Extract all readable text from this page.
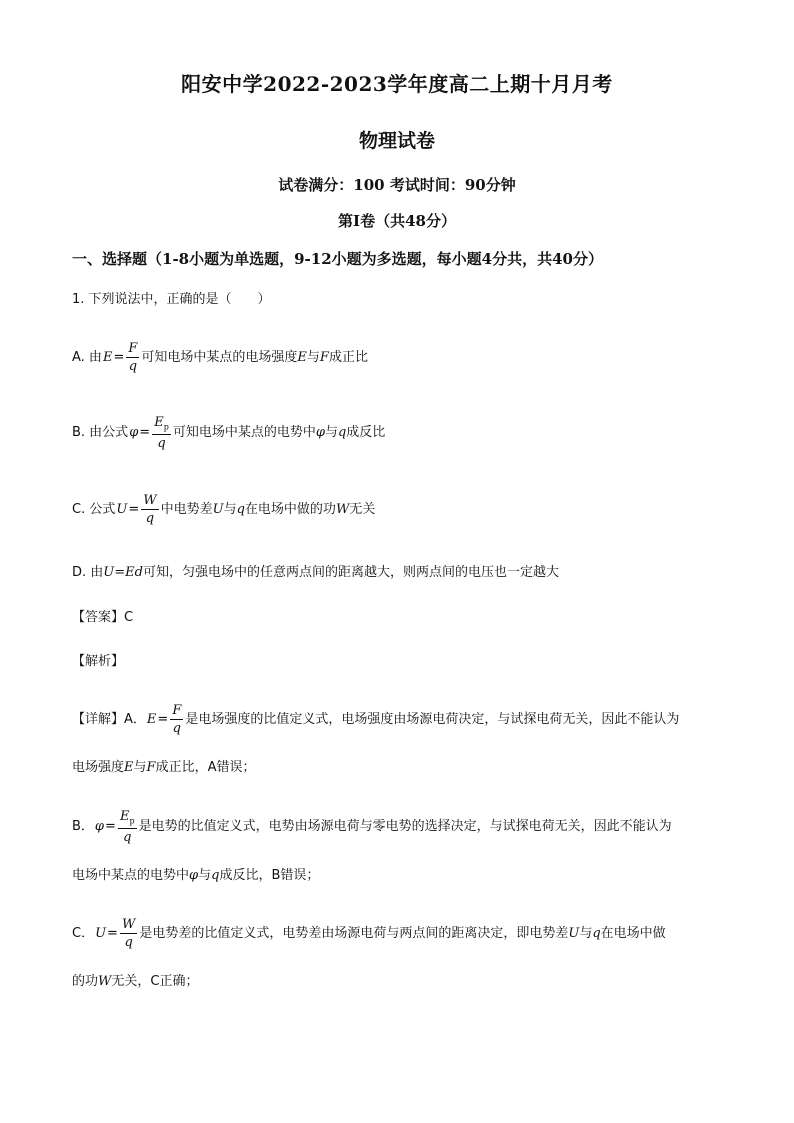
阳安中学2022-2023学年度高二上期十月月考
物理试卷
试卷满分：100 考试时间：90分钟
第I卷（共48分）
一、选择题（1-8小题为单选题，9-12小题为多选题，每小题4分共，共40分）
1. 下列说法中，正确的是（　　）
A. 由 $E = \frac{F}{q}$ 可知电场中某点的电场强度 E 与 F 成正比
B. 由公式 $\varphi = \frac{E_p}{q}$ 可知电场中某点的电势中 φ 与 q 成反比
C. 公式 $U = \frac{W}{q}$ 中电势差 U 与 q 在电场中做的功 W 无关
D. 由 U=Ed 可知，匀强电场中的任意两点间的距离越大，则两点间的电压也一定越大
【答案】 C
【解析】
【详解】A． $E = \frac{F}{q}$ 是电场强度的比值定义式，电场强度由场源电荷决定，与试探电荷无关，因此不能认为
电场强度 E 与 F 成正比，A错误；
B． $\varphi = \frac{E_p}{q}$ 是电势的比值定义式，电势由场源电荷与零电势的选择决定，与试探电荷无关，因此不能认为
电场中某点的电势中 φ 与 q 成反比，B错误；
C． $U = \frac{W}{q}$ 是电势差的比值定义式，电势差由场源电荷与两点间的距离决定，即电势差 U 与 q 在电场中做
的功 W 无关，C正确；
